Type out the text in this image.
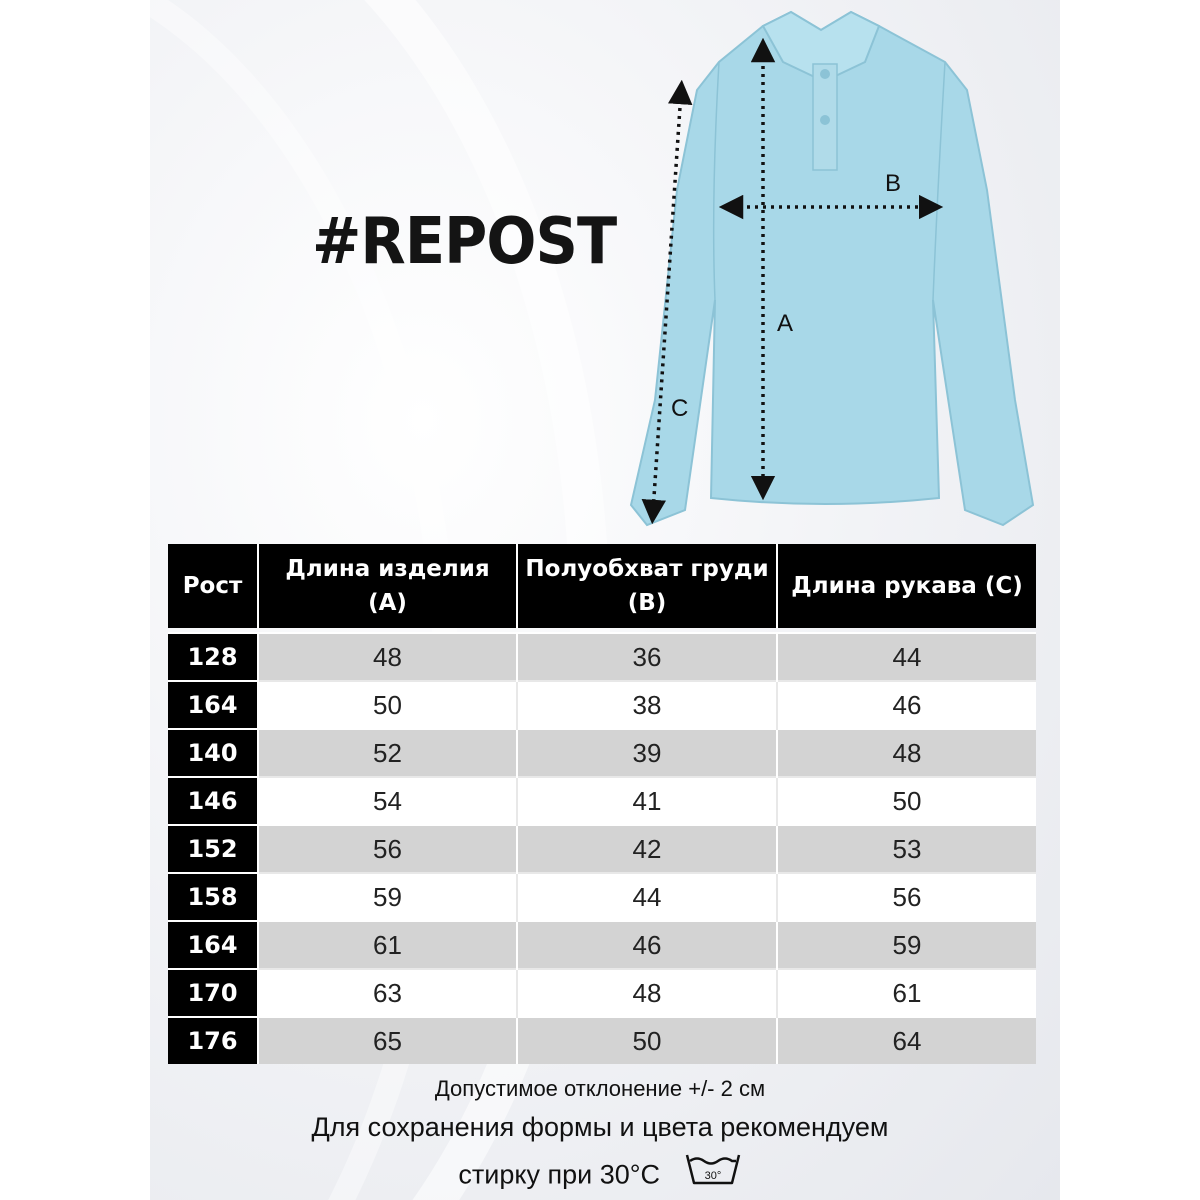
#REPOST
A
B
C
Рост	Длина изделия (А)	Полуобхват груди (В)	Длина рукава (С)

128	48	36	44
164	50	38	46
140	52	39	48
146	54	41	50
152	56	42	53
158	59	44	56
164	61	46	59
170	63	48	61
176	65	50	64
Допустимое отклонение +/- 2 см
Для сохранения формы и цвета рекомендуем
стирку при 30°С	30°
